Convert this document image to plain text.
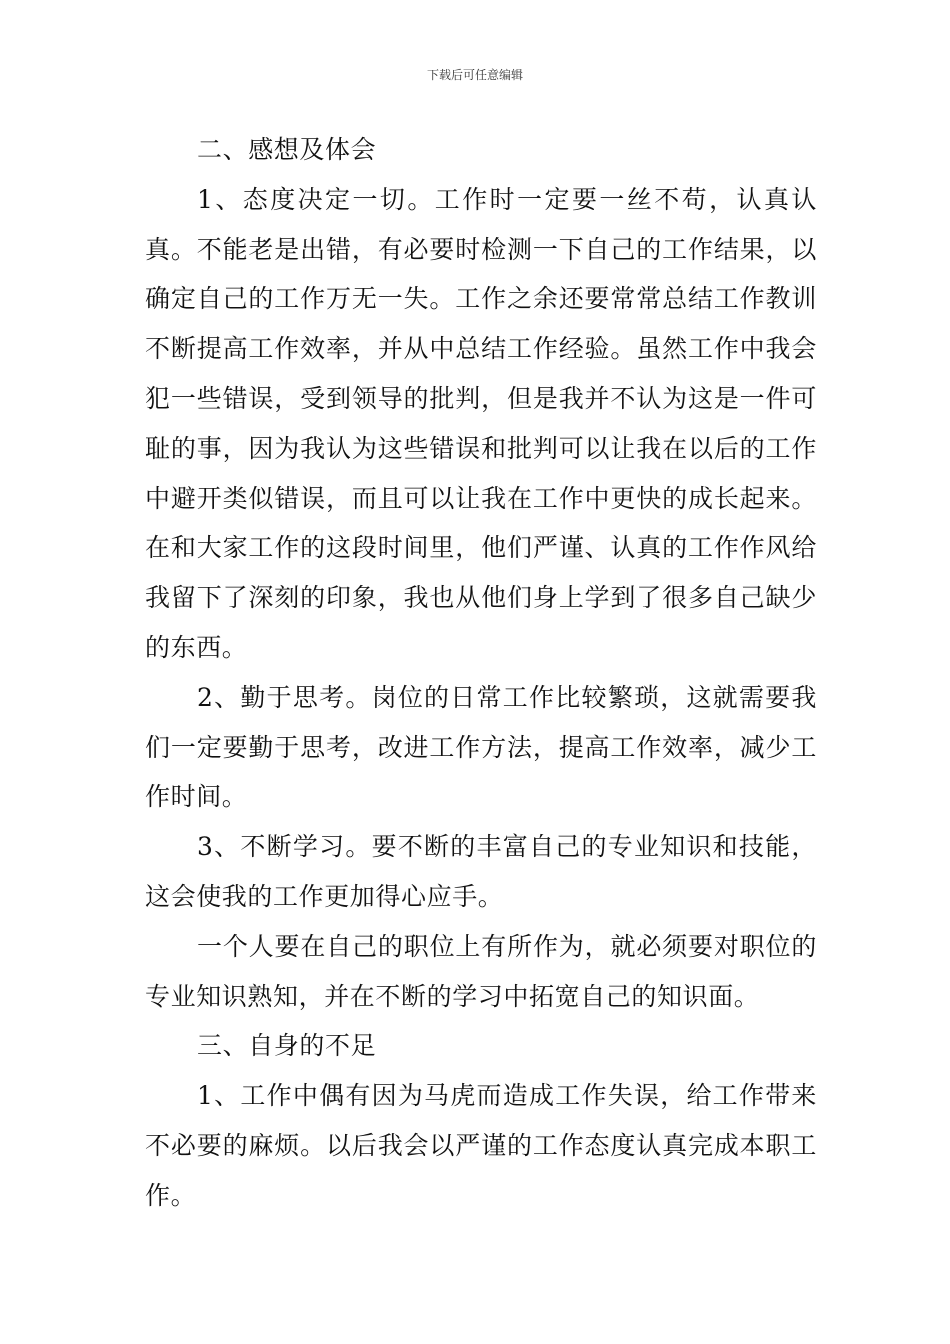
下载后可任意编辑

二、感想及体会

1、态度决定一切。工作时一定要一丝不苟，认真认真。不能老是出错，有必要时检测一下自己的工作结果，以确定自己的工作万无一失。工作之余还要常常总结工作教训不断提高工作效率，并从中总结工作经验。虽然工作中我会犯一些错误，受到领导的批判，但是我并不认为这是一件可耻的事，因为我认为这些错误和批判可以让我在以后的工作中避开类似错误，而且可以让我在工作中更快的成长起来。在和大家工作的这段时间里，他们严谨、认真的工作作风给我留下了深刻的印象，我也从他们身上学到了很多自己缺少的东西。

2、勤于思考。岗位的日常工作比较繁琐，这就需要我们一定要勤于思考，改进工作方法，提高工作效率，减少工作时间。

3、不断学习。要不断的丰富自己的专业知识和技能，这会使我的工作更加得心应手。

一个人要在自己的职位上有所作为，就必须要对职位的专业知识熟知，并在不断的学习中拓宽自己的知识面。

三、自身的不足

1、工作中偶有因为马虎而造成工作失误，给工作带来不必要的麻烦。以后我会以严谨的工作态度认真完成本职工作。
